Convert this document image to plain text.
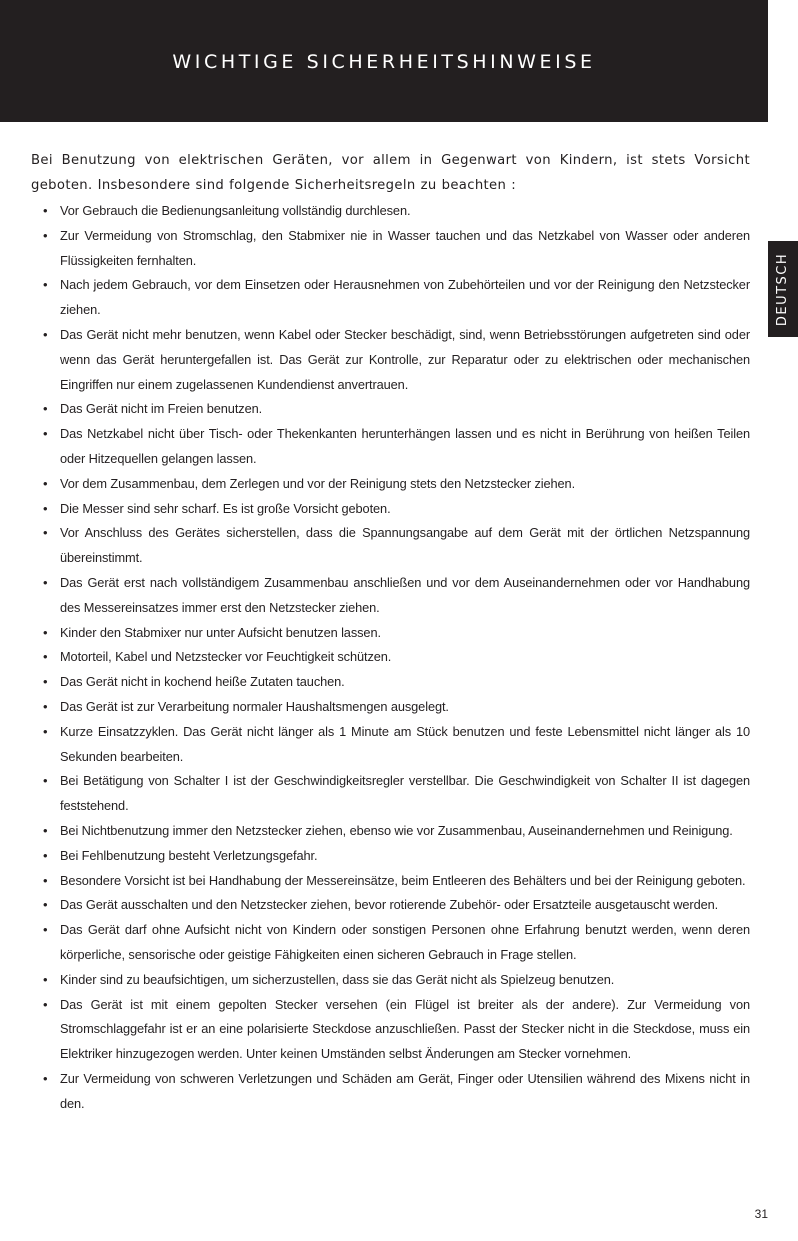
WICHTIGE SICHERHEITSHINWEISE
DEUTSCH

Bei Benutzung von elektrischen Geräten, vor allem in Gegenwart von Kindern, ist stets Vorsicht geboten. Insbesondere sind folgende Sicherheitsregeln zu beachten :

• Vor Gebrauch die Bedienungsanleitung vollständig durchlesen.
• Zur Vermeidung von Stromschlag, den Stabmixer nie in Wasser tauchen und das Netzkabel von Wasser oder anderen Flüssigkeiten fernhalten.
• Nach jedem Gebrauch, vor dem Einsetzen oder Herausnehmen von Zubehörteilen und vor der Reinigung den Netzstecker ziehen.
• Das Gerät nicht mehr benutzen, wenn Kabel oder Stecker beschädigt, sind, wenn Betriebsstörungen aufgetreten sind oder wenn das Gerät heruntergefallen ist. Das Gerät zur Kontrolle, zur Reparatur oder zu elektrischen oder mechanischen Eingriffen nur einem zugelassenen Kundendienst anvertrauen.
• Das Gerät nicht im Freien benutzen.
• Das Netzkabel nicht über Tisch- oder Thekenkanten herunterhängen lassen und es nicht in Berührung von heißen Teilen oder Hitzequellen gelangen lassen.
• Vor dem Zusammenbau, dem Zerlegen und vor der Reinigung stets den Netzstecker ziehen.
• Die Messer sind sehr scharf. Es ist große Vorsicht geboten.
• Vor Anschluss des Gerätes sicherstellen, dass die Spannungsangabe auf dem Gerät mit der örtlichen Netzspannung übereinstimmt.
• Das Gerät erst nach vollständigem Zusammenbau anschließen und vor dem Auseinandernehmen oder vor Handhabung des Messereinsatzes immer erst den Netzstecker ziehen.
• Kinder den Stabmixer nur unter Aufsicht benutzen lassen.
• Motorteil, Kabel und Netzstecker vor Feuchtigkeit schützen.
• Das Gerät nicht in kochend heiße Zutaten tauchen.
• Das Gerät ist zur Verarbeitung normaler Haushaltsmengen ausgelegt.
• Kurze Einsatzzyklen. Das Gerät nicht länger als 1 Minute am Stück benutzen und feste Lebensmittel nicht länger als 10 Sekunden bearbeiten.
• Bei Betätigung von Schalter I ist der Geschwindigkeitsregler verstellbar. Die Geschwindigkeit von Schalter II ist dagegen feststehend.
• Bei Nichtbenutzung immer den Netzstecker ziehen, ebenso wie vor Zusammenbau, Auseinandernehmen und Reinigung.
• Bei Fehlbenutzung besteht Verletzungsgefahr.
• Besondere Vorsicht ist bei Handhabung der Messereinsätze, beim Entleeren des Behälters und bei der Reinigung geboten.
• Das Gerät ausschalten und den Netzstecker ziehen, bevor rotierende Zubehör- oder Ersatzteile ausgetauscht werden.
• Das Gerät darf ohne Aufsicht nicht von Kindern oder sonstigen Personen ohne Erfahrung benutzt werden, wenn deren körperliche, sensorische oder geistige Fähigkeiten einen sicheren Gebrauch in Frage stellen.
• Kinder sind zu beaufsichtigen, um sicherzustellen, dass sie das Gerät nicht als Spielzeug benutzen.
• Das Gerät ist mit einem gepolten Stecker versehen (ein Flügel ist breiter als der andere). Zur Vermeidung von Stromschlaggefahr ist er an eine polarisierte Steckdose anzuschließen. Passt der Stecker nicht in die Steckdose, muss ein Elektriker hinzugezogen werden. Unter keinen Umständen selbst Änderungen am Stecker vornehmen.
• Zur Vermeidung von schweren Verletzungen und Schäden am Gerät, Finger oder Utensilien während des Mixens nicht in den.
31
